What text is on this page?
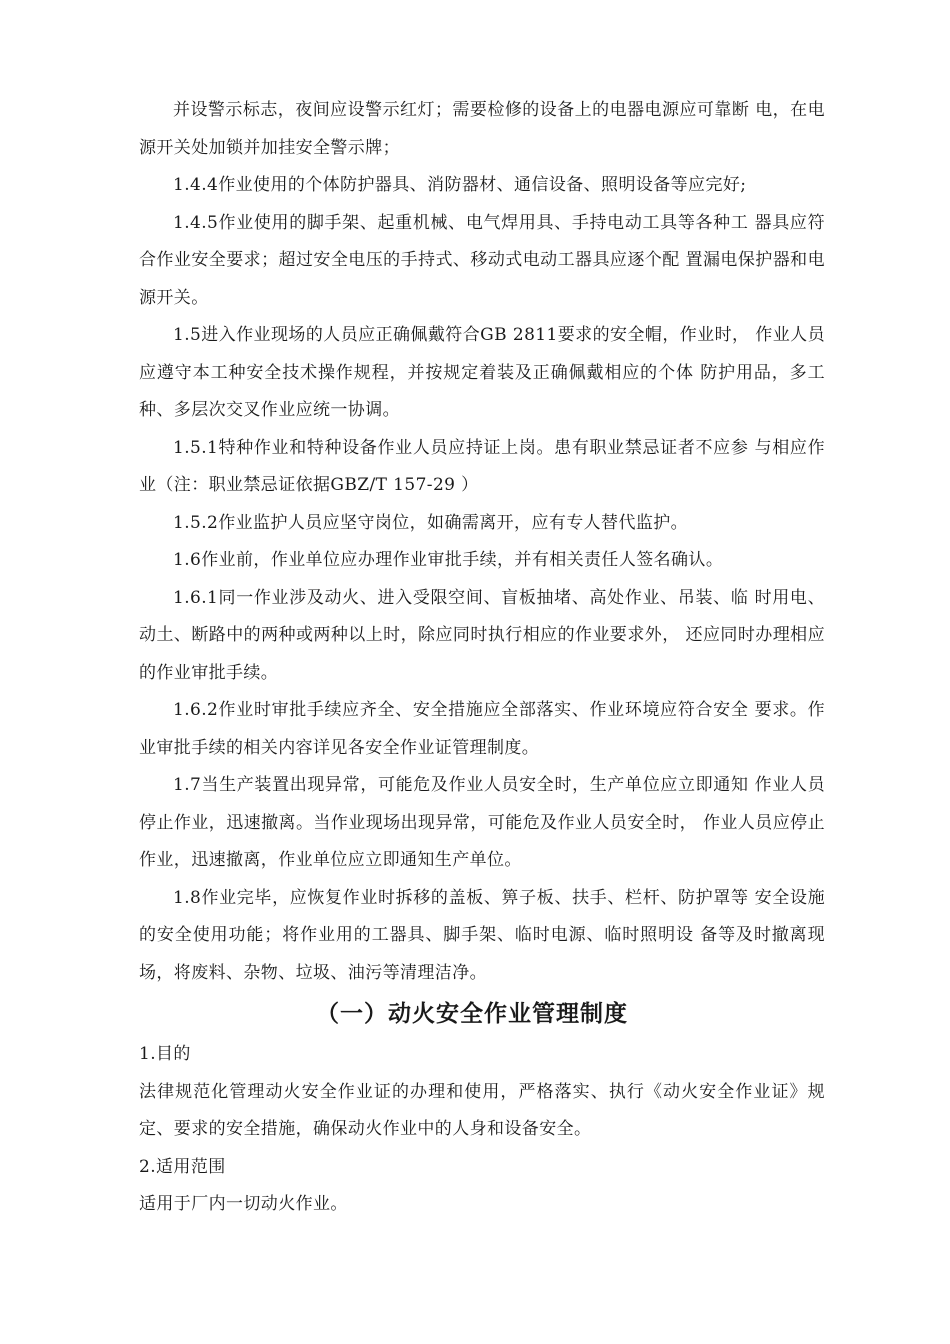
并设警示标志，夜间应设警示红灯；需要检修的设备上的电器电源应可靠断 电，在电源开关处加锁并加挂安全警示牌；

1.4.4作业使用的个体防护器具、消防器材、通信设备、照明设备等应完好;

1.4.5作业使用的脚手架、起重机械、电气焊用具、手持电动工具等各种工 器具应符合作业安全要求；超过安全电压的手持式、移动式电动工器具应逐个配 置漏电保护器和电源开关。

1.5进入作业现场的人员应正确佩戴符合GB 2811要求的安全帽，作业时， 作业人员应遵守本工种安全技术操作规程，并按规定着装及正确佩戴相应的个体 防护用品，多工种、多层次交叉作业应统一协调。

1.5.1特种作业和特种设备作业人员应持证上岗。患有职业禁忌证者不应参 与相应作业（注：职业禁忌证依据GBZ/T 157-29 ）

1.5.2作业监护人员应坚守岗位，如确需离开，应有专人替代监护。

1.6作业前，作业单位应办理作业审批手续，并有相关责任人签名确认。

1.6.1同一作业涉及动火、进入受限空间、盲板抽堵、高处作业、吊装、临 时用电、动土、断路中的两种或两种以上时，除应同时执行相应的作业要求外， 还应同时办理相应的作业审批手续。

1.6.2作业时审批手续应齐全、安全措施应全部落实、作业环境应符合安全 要求。作业审批手续的相关内容详见各安全作业证管理制度。

1.7当生产装置出现异常，可能危及作业人员安全时，生产单位应立即通知 作业人员停止作业，迅速撤离。当作业现场出现异常，可能危及作业人员安全时， 作业人员应停止作业，迅速撤离，作业单位应立即通知生产单位。

1.8作业完毕，应恢复作业时拆移的盖板、箅子板、扶手、栏杆、防护罩等 安全设施的安全使用功能；将作业用的工器具、脚手架、临时电源、临时照明设 备等及时撤离现场，将废料、杂物、垃圾、油污等清理洁净。

（一）动火安全作业管理制度

1.目的

法律规范化管理动火安全作业证的办理和使用，严格落实、执行《动火安全作业证》规定、要求的安全措施，确保动火作业中的人身和设备安全。

2.适用范围

适用于厂内一切动火作业。
